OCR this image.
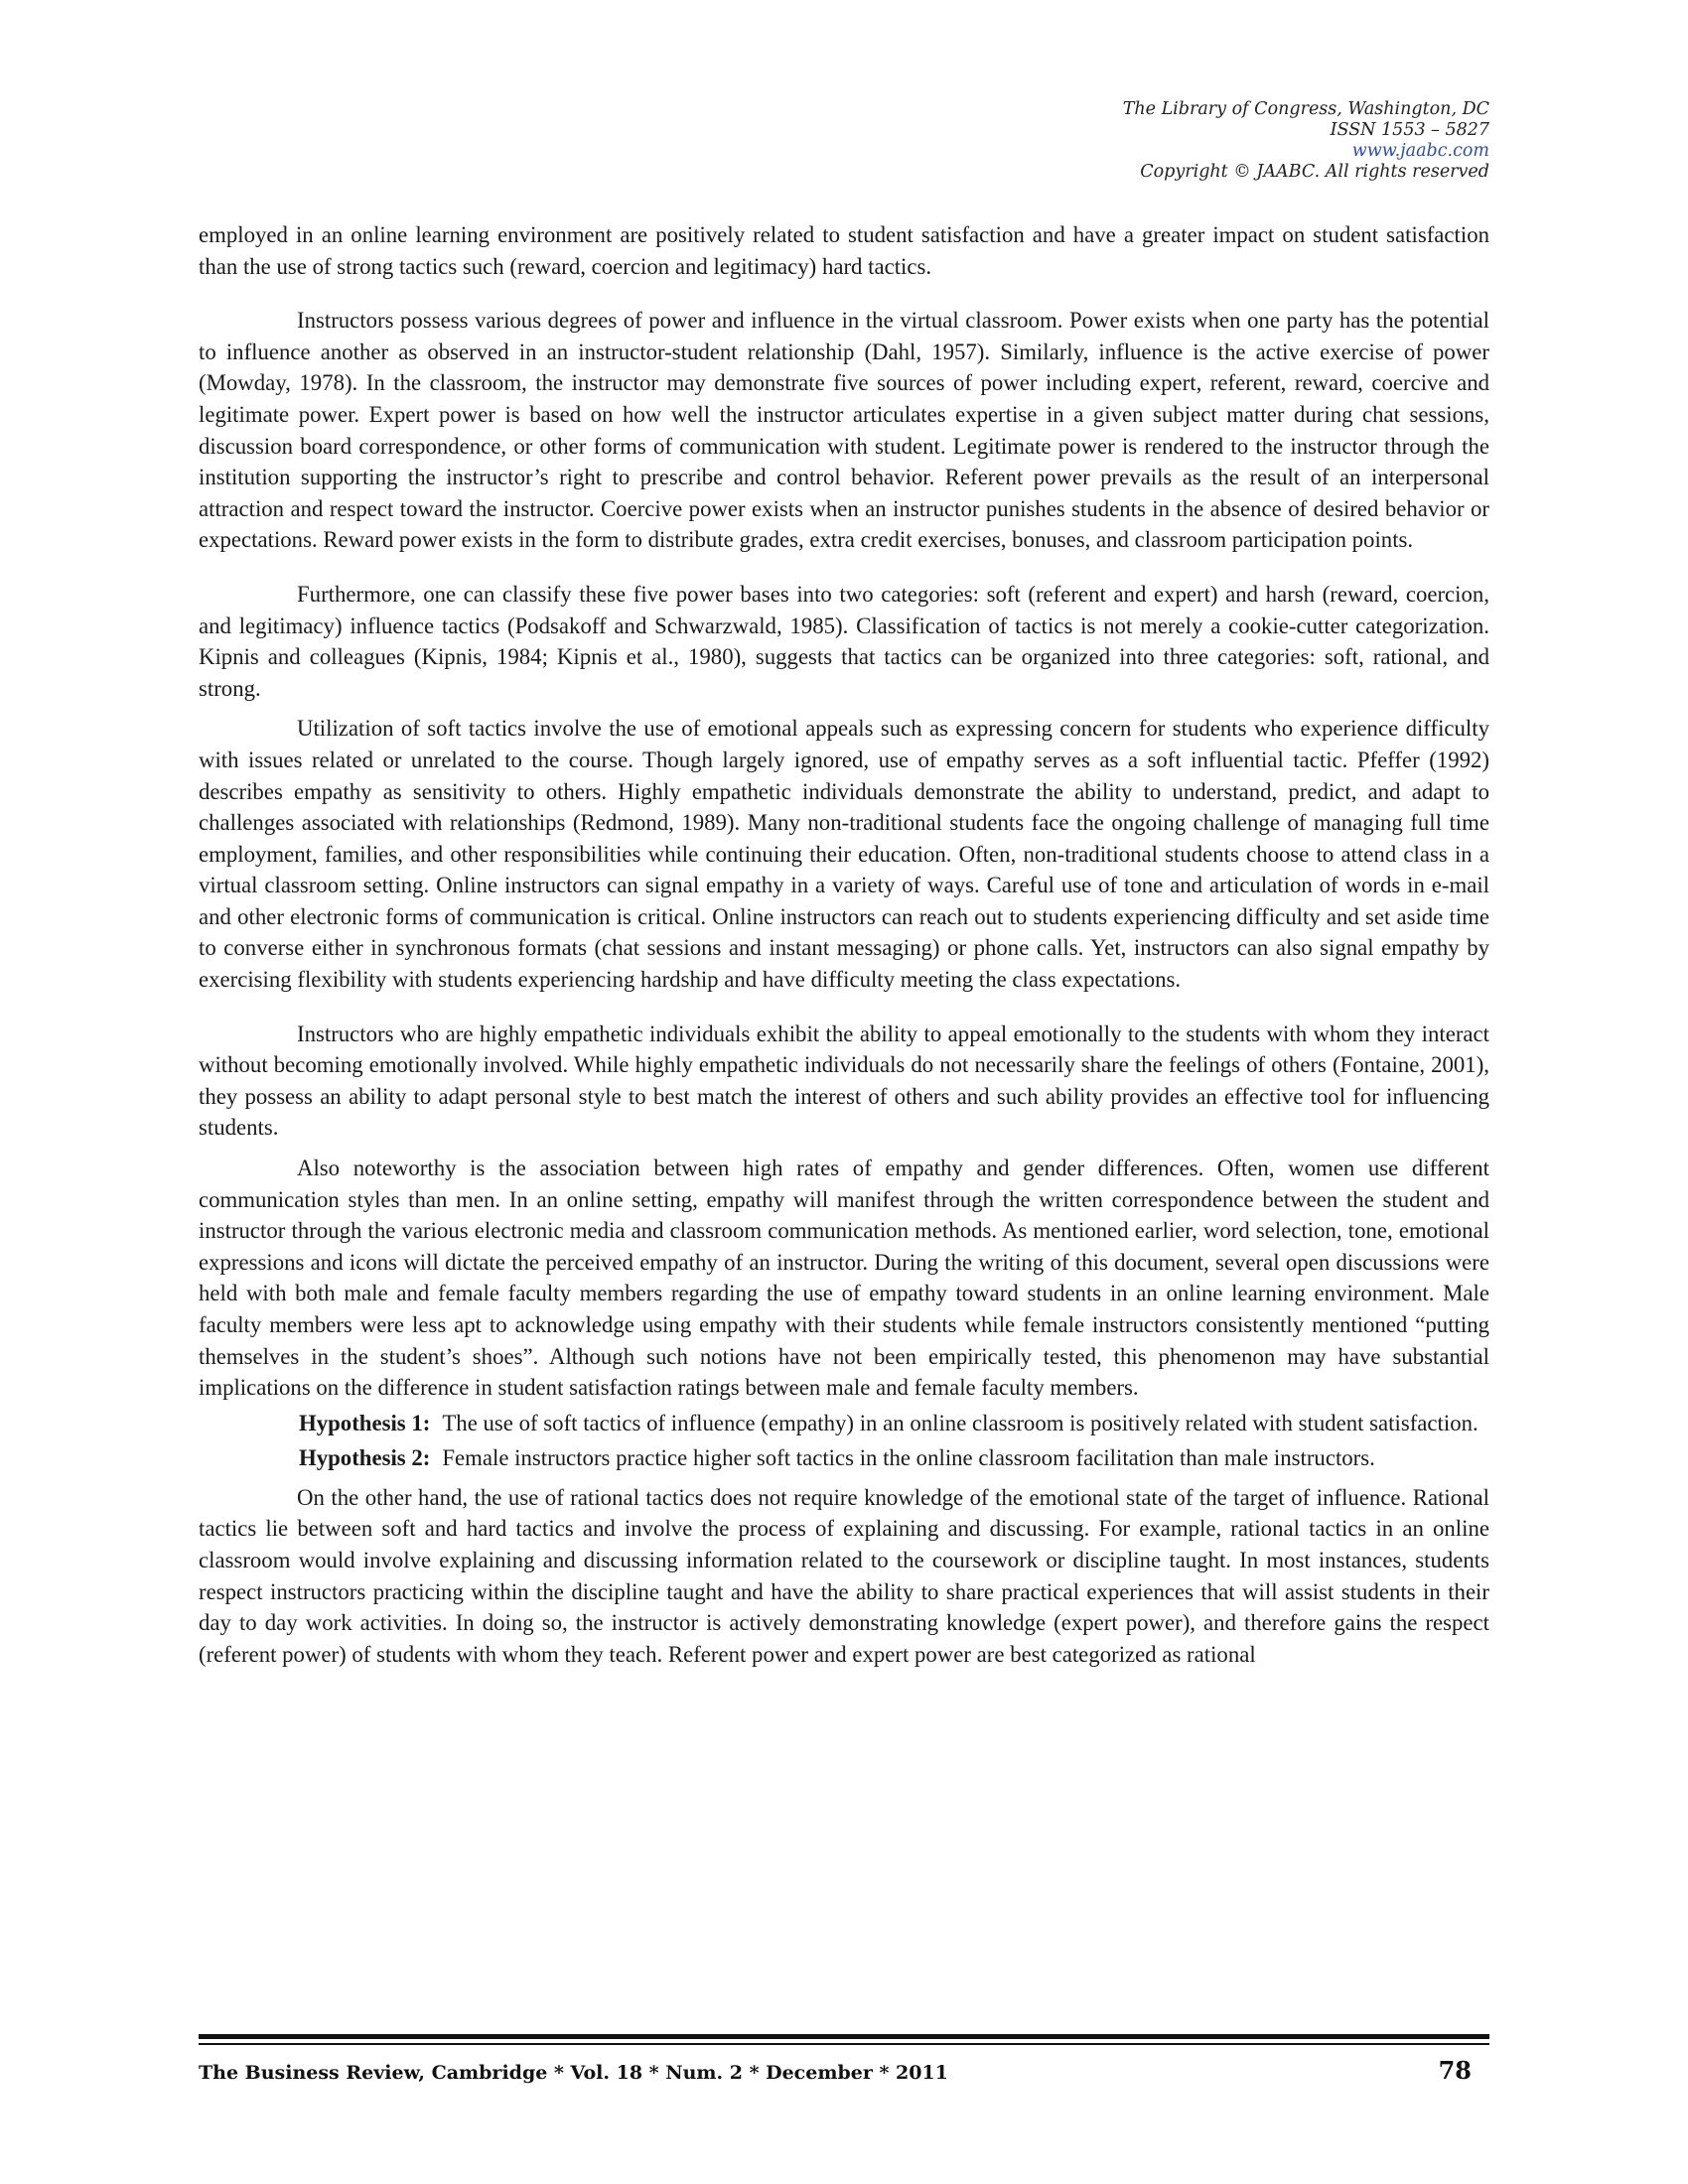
The Library of Congress, Washington, DC
ISSN 1553 – 5827
www.jaabc.com
Copyright © JAABC. All rights reserved

employed in an online learning environment are positively related to student satisfaction and have a greater impact on student satisfaction than the use of strong tactics such (reward, coercion and legitimacy) hard tactics.

Instructors possess various degrees of power and influence in the virtual classroom. Power exists when one party has the potential to influence another as observed in an instructor-student relationship (Dahl, 1957). Similarly, influence is the active exercise of power (Mowday, 1978). In the classroom, the instructor may demonstrate five sources of power including expert, referent, reward, coercive and legitimate power. Expert power is based on how well the instructor articulates expertise in a given subject matter during chat sessions, discussion board correspondence, or other forms of communication with student. Legitimate power is rendered to the instructor through the institution supporting the instructor’s right to prescribe and control behavior. Referent power prevails as the result of an interpersonal attraction and respect toward the instructor. Coercive power exists when an instructor punishes students in the absence of desired behavior or expectations. Reward power exists in the form to distribute grades, extra credit exercises, bonuses, and classroom participation points.

Furthermore, one can classify these five power bases into two categories: soft (referent and expert) and harsh (reward, coercion, and legitimacy) influence tactics (Podsakoff and Schwarzwald, 1985). Classification of tactics is not merely a cookie-cutter categorization. Kipnis and colleagues (Kipnis, 1984; Kipnis et al., 1980), suggests that tactics can be organized into three categories: soft, rational, and strong.

Utilization of soft tactics involve the use of emotional appeals such as expressing concern for students who experience difficulty with issues related or unrelated to the course. Though largely ignored, use of empathy serves as a soft influential tactic. Pfeffer (1992) describes empathy as sensitivity to others. Highly empathetic individuals demonstrate the ability to understand, predict, and adapt to challenges associated with relationships (Redmond, 1989). Many non-traditional students face the ongoing challenge of managing full time employment, families, and other responsibilities while continuing their education. Often, non-traditional students choose to attend class in a virtual classroom setting. Online instructors can signal empathy in a variety of ways. Careful use of tone and articulation of words in e-mail and other electronic forms of communication is critical. Online instructors can reach out to students experiencing difficulty and set aside time to converse either in synchronous formats (chat sessions and instant messaging) or phone calls. Yet, instructors can also signal empathy by exercising flexibility with students experiencing hardship and have difficulty meeting the class expectations.

Instructors who are highly empathetic individuals exhibit the ability to appeal emotionally to the students with whom they interact without becoming emotionally involved. While highly empathetic individuals do not necessarily share the feelings of others (Fontaine, 2001), they possess an ability to adapt personal style to best match the interest of others and such ability provides an effective tool for influencing students.

Also noteworthy is the association between high rates of empathy and gender differences. Often, women use different communication styles than men. In an online setting, empathy will manifest through the written correspondence between the student and instructor through the various electronic media and classroom communication methods. As mentioned earlier, word selection, tone, emotional expressions and icons will dictate the perceived empathy of an instructor. During the writing of this document, several open discussions were held with both male and female faculty members regarding the use of empathy toward students in an online learning environment. Male faculty members were less apt to acknowledge using empathy with their students while female instructors consistently mentioned “putting themselves in the student’s shoes”. Although such notions have not been empirically tested, this phenomenon may have substantial implications on the difference in student satisfaction ratings between male and female faculty members.

Hypothesis 1: The use of soft tactics of influence (empathy) in an online classroom is positively related with student satisfaction.
Hypothesis 2: Female instructors practice higher soft tactics in the online classroom facilitation than male instructors.

On the other hand, the use of rational tactics does not require knowledge of the emotional state of the target of influence. Rational tactics lie between soft and hard tactics and involve the process of explaining and discussing. For example, rational tactics in an online classroom would involve explaining and discussing information related to the coursework or discipline taught. In most instances, students respect instructors practicing within the discipline taught and have the ability to share practical experiences that will assist students in their day to day work activities. In doing so, the instructor is actively demonstrating knowledge (expert power), and therefore gains the respect (referent power) of students with whom they teach. Referent power and expert power are best categorized as rational

The Business Review, Cambridge * Vol. 18 * Num. 2 * December * 2011	78
